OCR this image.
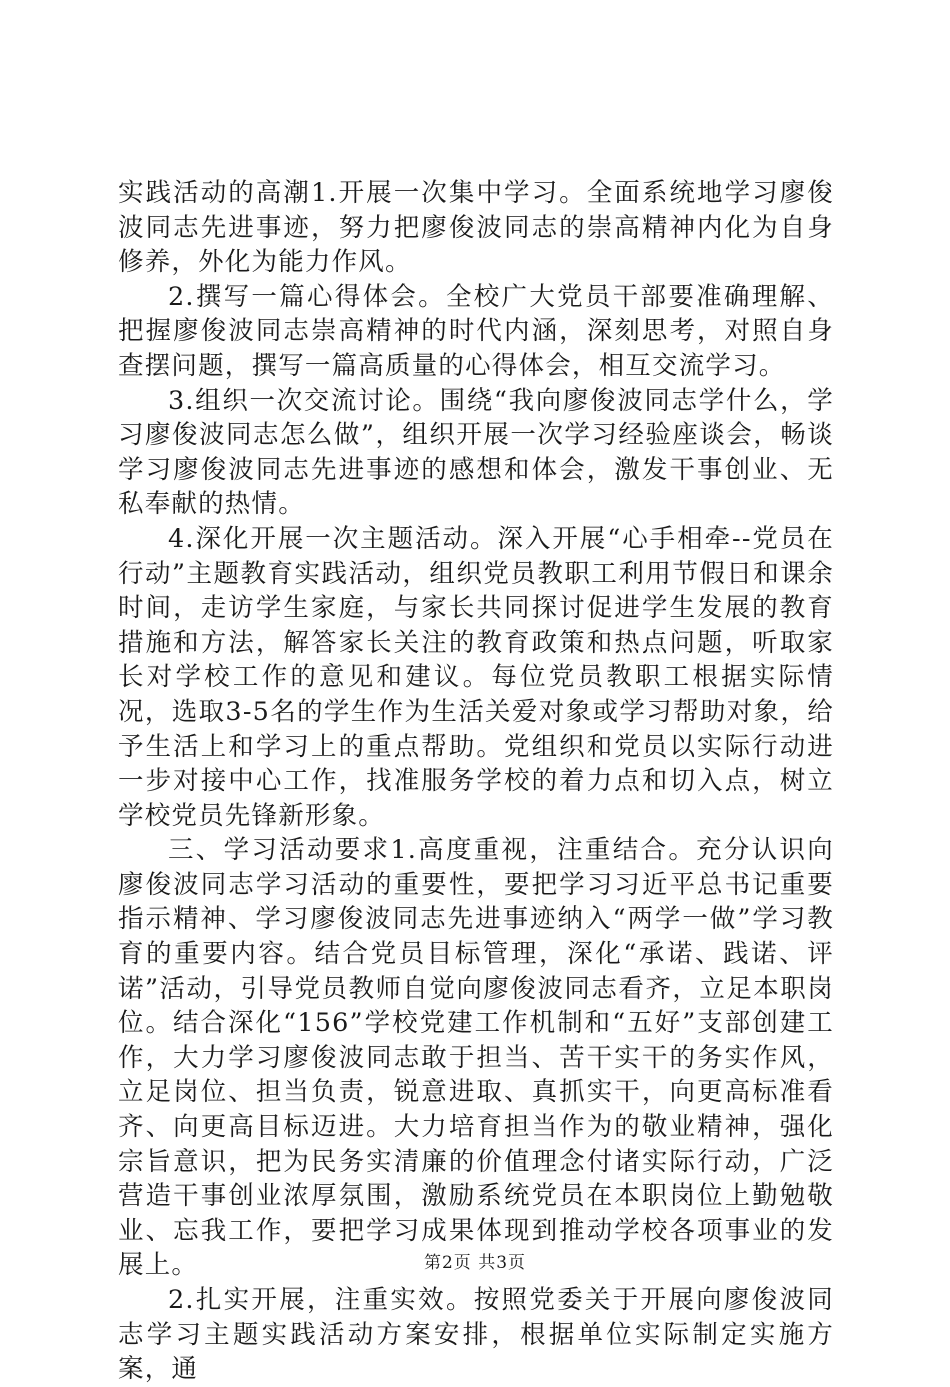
实践活动的高潮1.开展一次集中学习。全面系统地学习廖俊波同志先进事迹，努力把廖俊波同志的崇高精神内化为自身修养，外化为能力作风。

2.撰写一篇心得体会。全校广大党员干部要准确理解、把握廖俊波同志崇高精神的时代内涵，深刻思考，对照自身查摆问题，撰写一篇高质量的心得体会，相互交流学习。

3.组织一次交流讨论。围绕“我向廖俊波同志学什么，学习廖俊波同志怎么做”，组织开展一次学习经验座谈会，畅谈学习廖俊波同志先进事迹的感想和体会，激发干事创业、无私奉献的热情。

4.深化开展一次主题活动。深入开展“心手相牵--党员在行动”主题教育实践活动，组织党员教职工利用节假日和课余时间，走访学生家庭，与家长共同探讨促进学生发展的教育措施和方法，解答家长关注的教育政策和热点问题，听取家长对学校工作的意见和建议。每位党员教职工根据实际情况，选取3-5名的学生作为生活关爱对象或学习帮助对象，给予生活上和学习上的重点帮助。党组织和党员以实际行动进一步对接中心工作，找准服务学校的着力点和切入点，树立学校党员先锋新形象。

三、学习活动要求1.高度重视，注重结合。充分认识向廖俊波同志学习活动的重要性，要把学习习近平总书记重要指示精神、学习廖俊波同志先进事迹纳入“两学一做”学习教育的重要内容。结合党员目标管理，深化“承诺、践诺、评诺”活动，引导党员教师自觉向廖俊波同志看齐，立足本职岗位。结合深化“156”学校党建工作机制和“五好”支部创建工作，大力学习廖俊波同志敢于担当、苦干实干的务实作风，立足岗位、担当负责，锐意进取、真抓实干，向更高标准看齐、向更高目标迈进。大力培育担当作为的敬业精神，强化宗旨意识，把为民务实清廉的价值理念付诸实际行动，广泛营造干事创业浓厚氛围，激励系统党员在本职岗位上勤勉敬业、忘我工作，要把学习成果体现到推动学校各项事业的发展上。

2.扎实开展，注重实效。按照党委关于开展向廖俊波同志学习主题实践活动方案安排，根据单位实际制定实施方案，通

第2页 共3页
